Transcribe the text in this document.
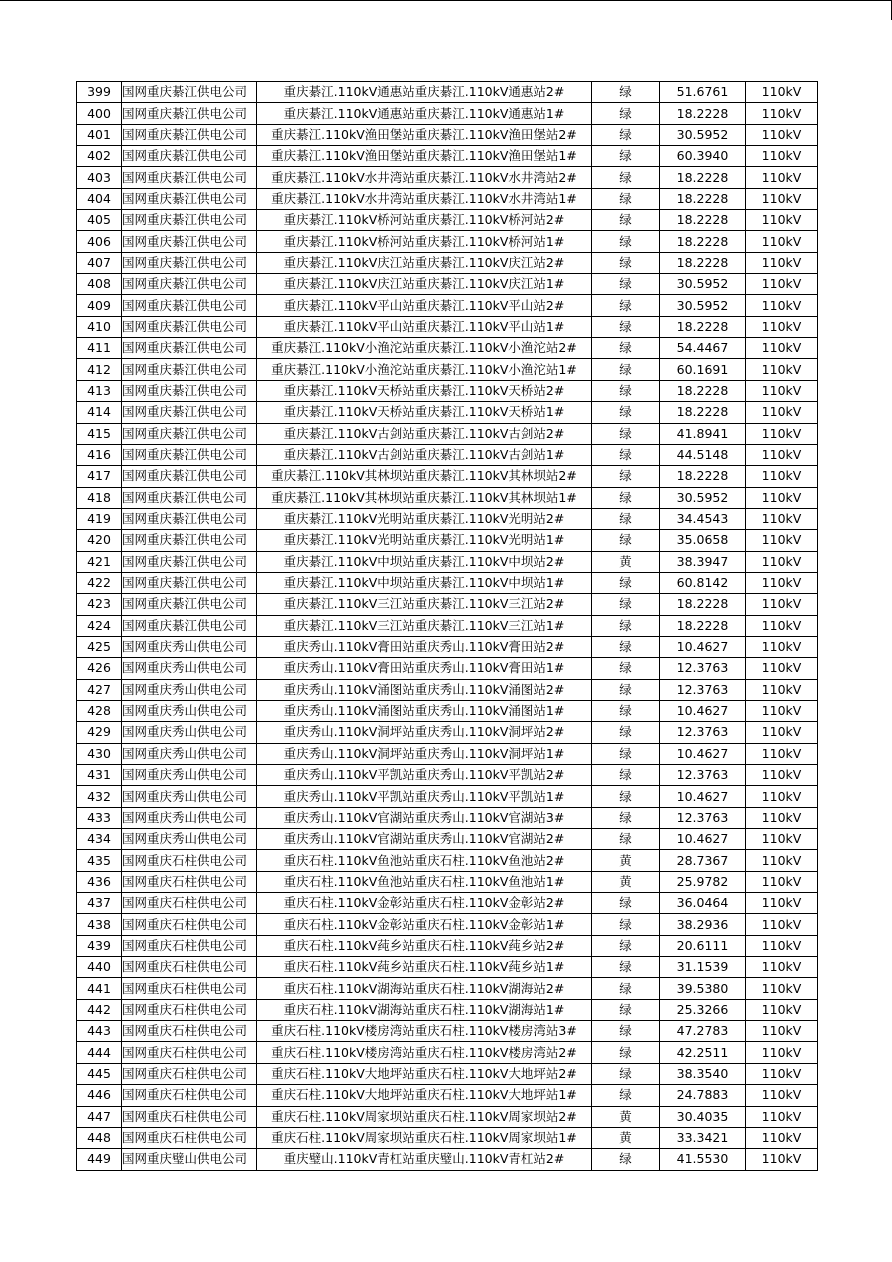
399	国网重庆綦江供电公司	重庆綦江.110kV通惠站重庆綦江.110kV通惠站2#	绿	51.6761	110kV
400	国网重庆綦江供电公司	重庆綦江.110kV通惠站重庆綦江.110kV通惠站1#	绿	18.2228	110kV
401	国网重庆綦江供电公司	重庆綦江.110kV渔田堡站重庆綦江.110kV渔田堡站2#	绿	30.5952	110kV
402	国网重庆綦江供电公司	重庆綦江.110kV渔田堡站重庆綦江.110kV渔田堡站1#	绿	60.3940	110kV
403	国网重庆綦江供电公司	重庆綦江.110kV水井湾站重庆綦江.110kV水井湾站2#	绿	18.2228	110kV
404	国网重庆綦江供电公司	重庆綦江.110kV水井湾站重庆綦江.110kV水井湾站1#	绿	18.2228	110kV
405	国网重庆綦江供电公司	重庆綦江.110kV桥河站重庆綦江.110kV桥河站2#	绿	18.2228	110kV
406	国网重庆綦江供电公司	重庆綦江.110kV桥河站重庆綦江.110kV桥河站1#	绿	18.2228	110kV
407	国网重庆綦江供电公司	重庆綦江.110kV庆江站重庆綦江.110kV庆江站2#	绿	18.2228	110kV
408	国网重庆綦江供电公司	重庆綦江.110kV庆江站重庆綦江.110kV庆江站1#	绿	30.5952	110kV
409	国网重庆綦江供电公司	重庆綦江.110kV平山站重庆綦江.110kV平山站2#	绿	30.5952	110kV
410	国网重庆綦江供电公司	重庆綦江.110kV平山站重庆綦江.110kV平山站1#	绿	18.2228	110kV
411	国网重庆綦江供电公司	重庆綦江.110kV小渔沱站重庆綦江.110kV小渔沱站2#	绿	54.4467	110kV
412	国网重庆綦江供电公司	重庆綦江.110kV小渔沱站重庆綦江.110kV小渔沱站1#	绿	60.1691	110kV
413	国网重庆綦江供电公司	重庆綦江.110kV天桥站重庆綦江.110kV天桥站2#	绿	18.2228	110kV
414	国网重庆綦江供电公司	重庆綦江.110kV天桥站重庆綦江.110kV天桥站1#	绿	18.2228	110kV
415	国网重庆綦江供电公司	重庆綦江.110kV古剑站重庆綦江.110kV古剑站2#	绿	41.8941	110kV
416	国网重庆綦江供电公司	重庆綦江.110kV古剑站重庆綦江.110kV古剑站1#	绿	44.5148	110kV
417	国网重庆綦江供电公司	重庆綦江.110kV其林坝站重庆綦江.110kV其林坝站2#	绿	18.2228	110kV
418	国网重庆綦江供电公司	重庆綦江.110kV其林坝站重庆綦江.110kV其林坝站1#	绿	30.5952	110kV
419	国网重庆綦江供电公司	重庆綦江.110kV光明站重庆綦江.110kV光明站2#	绿	34.4543	110kV
420	国网重庆綦江供电公司	重庆綦江.110kV光明站重庆綦江.110kV光明站1#	绿	35.0658	110kV
421	国网重庆綦江供电公司	重庆綦江.110kV中坝站重庆綦江.110kV中坝站2#	黄	38.3947	110kV
422	国网重庆綦江供电公司	重庆綦江.110kV中坝站重庆綦江.110kV中坝站1#	绿	60.8142	110kV
423	国网重庆綦江供电公司	重庆綦江.110kV三江站重庆綦江.110kV三江站2#	绿	18.2228	110kV
424	国网重庆綦江供电公司	重庆綦江.110kV三江站重庆綦江.110kV三江站1#	绿	18.2228	110kV
425	国网重庆秀山供电公司	重庆秀山.110kV膏田站重庆秀山.110kV膏田站2#	绿	10.4627	110kV
426	国网重庆秀山供电公司	重庆秀山.110kV膏田站重庆秀山.110kV膏田站1#	绿	12.3763	110kV
427	国网重庆秀山供电公司	重庆秀山.110kV涌图站重庆秀山.110kV涌图站2#	绿	12.3763	110kV
428	国网重庆秀山供电公司	重庆秀山.110kV涌图站重庆秀山.110kV涌图站1#	绿	10.4627	110kV
429	国网重庆秀山供电公司	重庆秀山.110kV洞坪站重庆秀山.110kV洞坪站2#	绿	12.3763	110kV
430	国网重庆秀山供电公司	重庆秀山.110kV洞坪站重庆秀山.110kV洞坪站1#	绿	10.4627	110kV
431	国网重庆秀山供电公司	重庆秀山.110kV平凯站重庆秀山.110kV平凯站2#	绿	12.3763	110kV
432	国网重庆秀山供电公司	重庆秀山.110kV平凯站重庆秀山.110kV平凯站1#	绿	10.4627	110kV
433	国网重庆秀山供电公司	重庆秀山.110kV官湖站重庆秀山.110kV官湖站3#	绿	12.3763	110kV
434	国网重庆秀山供电公司	重庆秀山.110kV官湖站重庆秀山.110kV官湖站2#	绿	10.4627	110kV
435	国网重庆石柱供电公司	重庆石柱.110kV鱼池站重庆石柱.110kV鱼池站2#	黄	28.7367	110kV
436	国网重庆石柱供电公司	重庆石柱.110kV鱼池站重庆石柱.110kV鱼池站1#	黄	25.9782	110kV
437	国网重庆石柱供电公司	重庆石柱.110kV金彰站重庆石柱.110kV金彰站2#	绿	36.0464	110kV
438	国网重庆石柱供电公司	重庆石柱.110kV金彰站重庆石柱.110kV金彰站1#	绿	38.2936	110kV
439	国网重庆石柱供电公司	重庆石柱.110kV莼乡站重庆石柱.110kV莼乡站2#	绿	20.6111	110kV
440	国网重庆石柱供电公司	重庆石柱.110kV莼乡站重庆石柱.110kV莼乡站1#	绿	31.1539	110kV
441	国网重庆石柱供电公司	重庆石柱.110kV湖海站重庆石柱.110kV湖海站2#	绿	39.5380	110kV
442	国网重庆石柱供电公司	重庆石柱.110kV湖海站重庆石柱.110kV湖海站1#	绿	25.3266	110kV
443	国网重庆石柱供电公司	重庆石柱.110kV楼房湾站重庆石柱.110kV楼房湾站3#	绿	47.2783	110kV
444	国网重庆石柱供电公司	重庆石柱.110kV楼房湾站重庆石柱.110kV楼房湾站2#	绿	42.2511	110kV
445	国网重庆石柱供电公司	重庆石柱.110kV大地坪站重庆石柱.110kV大地坪站2#	绿	38.3540	110kV
446	国网重庆石柱供电公司	重庆石柱.110kV大地坪站重庆石柱.110kV大地坪站1#	绿	24.7883	110kV
447	国网重庆石柱供电公司	重庆石柱.110kV周家坝站重庆石柱.110kV周家坝站2#	黄	30.4035	110kV
448	国网重庆石柱供电公司	重庆石柱.110kV周家坝站重庆石柱.110kV周家坝站1#	黄	33.3421	110kV
449	国网重庆璧山供电公司	重庆璧山.110kV青杠站重庆璧山.110kV青杠站2#	绿	41.5530	110kV
